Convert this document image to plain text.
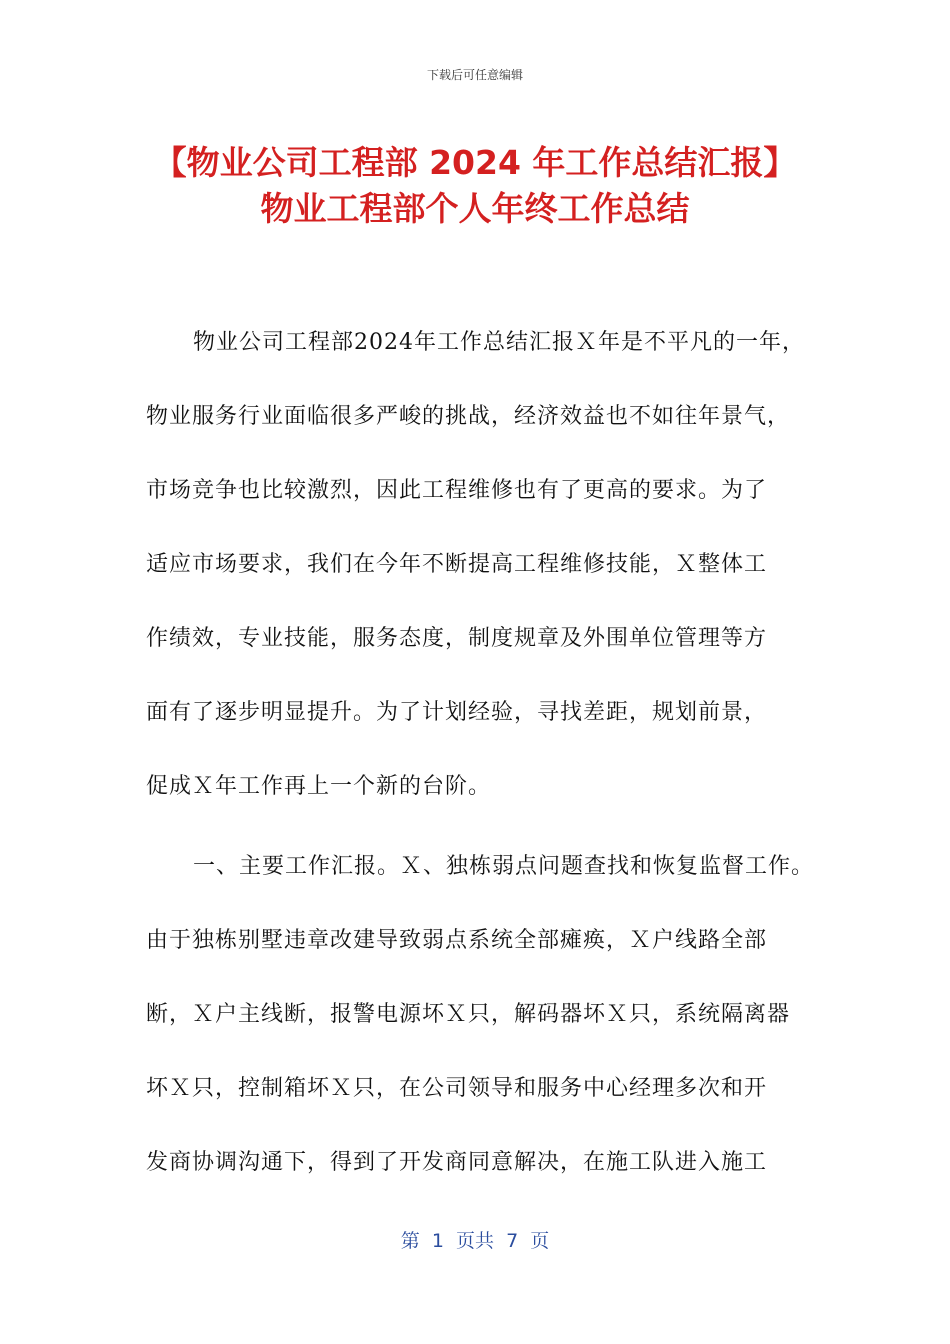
下载后可任意编辑
【物业公司工程部 2024 年工作总结汇报】
物业工程部个人年终工作总结
物业公司工程部2024年工作总结汇报Ｘ年是不平凡的一年，
物业服务行业面临很多严峻的挑战，经济效益也不如往年景气，
市场竞争也比较激烈，因此工程维修也有了更高的要求。为了
适应市场要求，我们在今年不断提高工程维修技能，Ｘ整体工
作绩效，专业技能，服务态度，制度规章及外围单位管理等方
面有了逐步明显提升。为了计划经验，寻找差距，规划前景，
促成Ｘ年工作再上一个新的台阶。
一、主要工作汇报。Ｘ、独栋弱点问题查找和恢复监督工作。
由于独栋别墅违章改建导致弱点系统全部瘫痪，Ｘ户线路全部
断，Ｘ户主线断，报警电源坏Ｘ只，解码器坏Ｘ只，系统隔离器
坏Ｘ只，控制箱坏Ｘ只，在公司领导和服务中心经理多次和开
发商协调沟通下，得到了开发商同意解决，在施工队进入施工
第  1  页共  7  页
